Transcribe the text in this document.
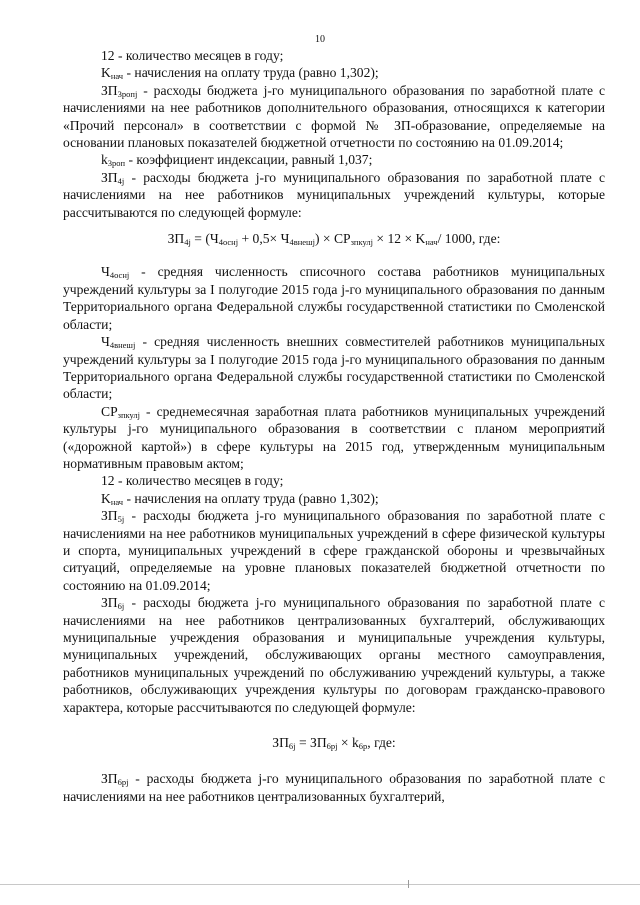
10

12 - количество месяцев в году;

$K_{нач}$ - начисления на оплату труда (равно 1,302);

$ЗП_{3ропj}$ - расходы бюджета j-го муниципального образования по заработной плате с начислениями на нее работников дополнительного образования, относящихся к категории «Прочий персонал» в соответствии с формой № ЗП-образование, определяемые на основании плановых показателей бюджетной отчетности по состоянию на 01.09.2014;

$k_{3роп}$ - коэффициент индексации, равный 1,037;

$ЗП_{4j}$ - расходы бюджета j-го муниципального образования по заработной плате с начислениями на нее работников муниципальных учреждений культуры, которые рассчитываются по следующей формуле:

$ЗП_{4j} = (Ч_{4оснj} + 0,5\times Ч_{4внешj}) \times СР_{зпкулj} \times 12 \times K_{нач}/$ 1000, где:

$Ч_{4оснj}$ - средняя численность списочного состава работников муниципальных учреждений культуры за I полугодие 2015 года j-го муниципального образования по данным Территориального органа Федеральной службы государственной статистики по Смоленской области;

$Ч_{4внешj}$ - средняя численность внешних совместителей работников муниципальных учреждений культуры за I полугодие 2015 года j-го муниципального образования по данным Территориального органа Федеральной службы государственной статистики по Смоленской области;

$СР_{зпкулj}$ - среднемесячная заработная плата работников муниципальных учреждений культуры j-го муниципального образования в соответствии с планом мероприятий («дорожной картой») в сфере культуры на 2015 год, утвержденным муниципальным нормативным правовым актом;

12 - количество месяцев в году;

$K_{нач}$ - начисления на оплату труда (равно 1,302);

$ЗП_{5j}$ - расходы бюджета j-го муниципального образования по заработной плате с начислениями на нее работников муниципальных учреждений в сфере физической культуры и спорта, муниципальных учреждений в сфере гражданской обороны и чрезвычайных ситуаций, определяемые на уровне плановых показателей бюджетной отчетности по состоянию на 01.09.2014;

$ЗП_{6j}$ - расходы бюджета j-го муниципального образования по заработной плате с начислениями на нее работников централизованных бухгалтерий, обслуживающих муниципальные учреждения образования и муниципальные учреждения культуры, муниципальных учреждений, обслуживающих органы местного самоуправления, работников муниципальных учреждений по обслуживанию учреждений культуры, а также работников, обслуживающих учреждения культуры по договорам гражданско-правового характера, которые рассчитываются по следующей формуле:

$ЗП_{6j} = ЗП_{6рj} \times k_{6р}$, где:

$ЗП_{6рj}$ - расходы бюджета j-го муниципального образования по заработной плате с начислениями на нее работников централизованных бухгалтерий,
